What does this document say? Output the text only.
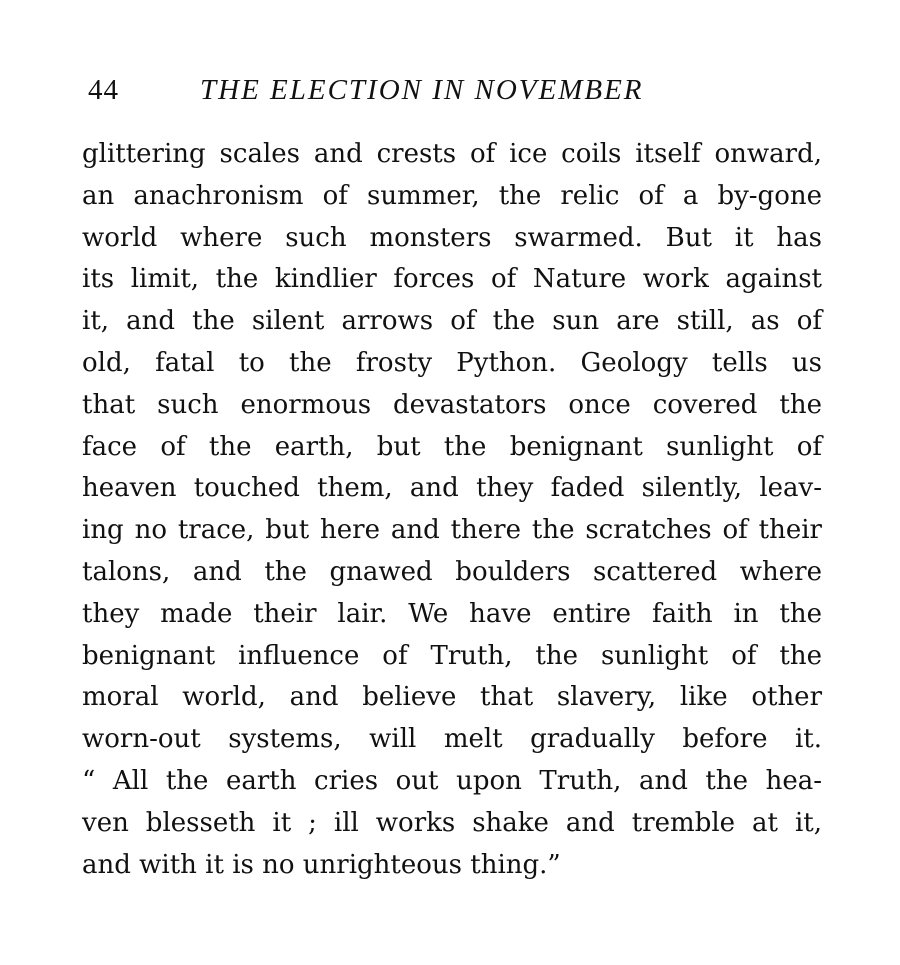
44	THE ELECTION IN NOVEMBER
glittering scales and crests of ice coils itself onward,
an anachronism of summer, the relic of a by-gone
world where such monsters swarmed. But it has
its limit, the kindlier forces of Nature work against
it, and the silent arrows of the sun are still, as of
old, fatal to the frosty Python. Geology tells us
that such enormous devastators once covered the
face of the earth, but the benignant sunlight of
heaven touched them, and they faded silently, leav-
ing no trace, but here and there the scratches of their
talons, and the gnawed boulders scattered where
they made their lair. We have entire faith in the
benignant influence of Truth, the sunlight of the
moral world, and believe that slavery, like other
worn-out systems, will melt gradually before it.
“ All the earth cries out upon Truth, and the hea-
ven blesseth it ; ill works shake and tremble at it,
and with it is no unrighteous thing.”
